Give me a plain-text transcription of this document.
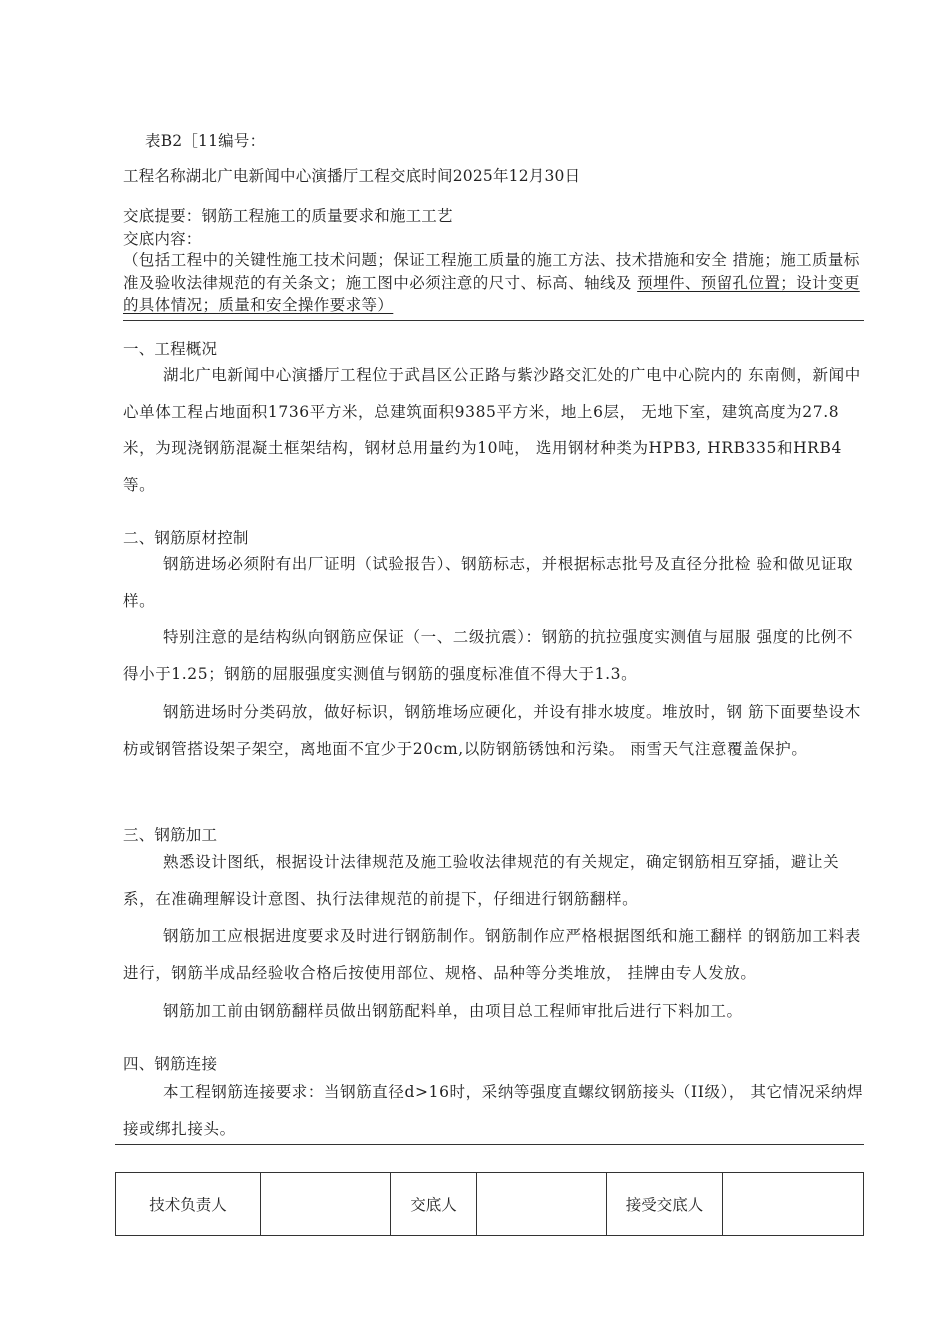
表B2［11编号：
工程名称湖北广电新闻中心演播厅工程交底时间2025年12月30日
交底提要：钢筋工程施工的质量要求和施工工艺
交底内容：
（包括工程中的关键性施工技术问题；保证工程施工质量的施工方法、技术措施和安全 措施；施工质量标准及验收法律规范的有关条文；施工图中必须注意的尺寸、标高、轴线及 预埋件、预留孔位置；设计变更的具体情况；质量和安全操作要求等）
一、工程概况
湖北广电新闻中心演播厅工程位于武昌区公正路与紫沙路交汇处的广电中心院内的 东南侧，新闻中心单体工程占地面积1736平方米，总建筑面积9385平方米，地上6层， 无地下室，建筑高度为27.8米，为现浇钢筋混凝土框架结构，钢材总用量约为10吨， 选用钢材种类为HPB3, HRB335和HRB4等。
二、钢筋原材控制
钢筋进场必须附有出厂证明（试验报告）、钢筋标志，并根据标志批号及直径分批检 验和做见证取样。
特别注意的是结构纵向钢筋应保证（一、二级抗震）：钢筋的抗拉强度实测值与屈服 强度的比例不得小于1.25；钢筋的屈服强度实测值与钢筋的强度标准值不得大于1.3。
钢筋进场时分类码放，做好标识，钢筋堆场应硬化，并设有排水坡度。堆放时，钢 筋下面要垫设木枋或钢管搭设架子架空，离地面不宜少于20cm,以防钢筋锈蚀和污染。 雨雪天气注意覆盖保护。
三、钢筋加工
熟悉设计图纸，根据设计法律规范及施工验收法律规范的有关规定，确定钢筋相互穿插，避让关系，在准确理解设计意图、执行法律规范的前提下，仔细进行钢筋翻样。
钢筋加工应根据进度要求及时进行钢筋制作。钢筋制作应严格根据图纸和施工翻样 的钢筋加工料表进行，钢筋半成品经验收合格后按使用部位、规格、品种等分类堆放， 挂牌由专人发放。
钢筋加工前由钢筋翻样员做出钢筋配料单，由项目总工程师审批后进行下料加工。
四、钢筋连接
本工程钢筋连接要求：当钢筋直径d>16时，采纳等强度直螺纹钢筋接头（II级）， 其它情况采纳焊接或绑扎接头。
技术负责人		交底人		接受交底人	
